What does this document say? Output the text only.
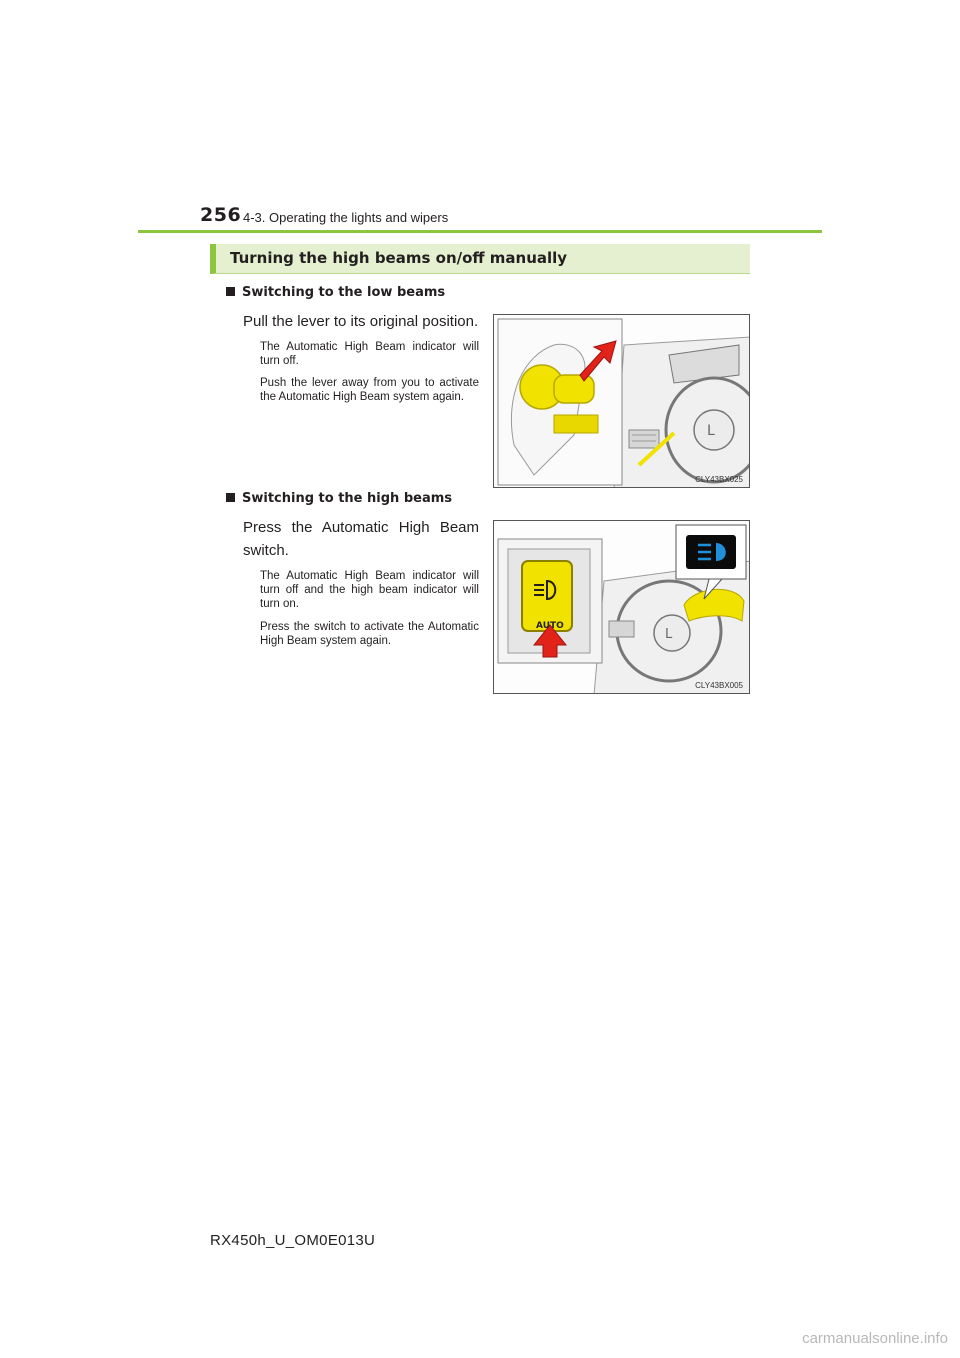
256 4-3. Operating the lights and wipers
Turning the high beams on/off manually
Switching to the low beams
Pull the lever to its original position.
The Automatic High Beam indicator will turn off.
Push the lever away from you to activate the Automatic High Beam system again.
L
CLY43BX025
Switching to the high beams
Press the Automatic High Beam switch.
The Automatic High Beam indicator will turn off and the high beam indicator will turn on.
Press the switch to activate the Automatic High Beam system again.	L
AUTO
CLY43BX005
RX450h_U_OM0E013U
carmanualsonline.info
